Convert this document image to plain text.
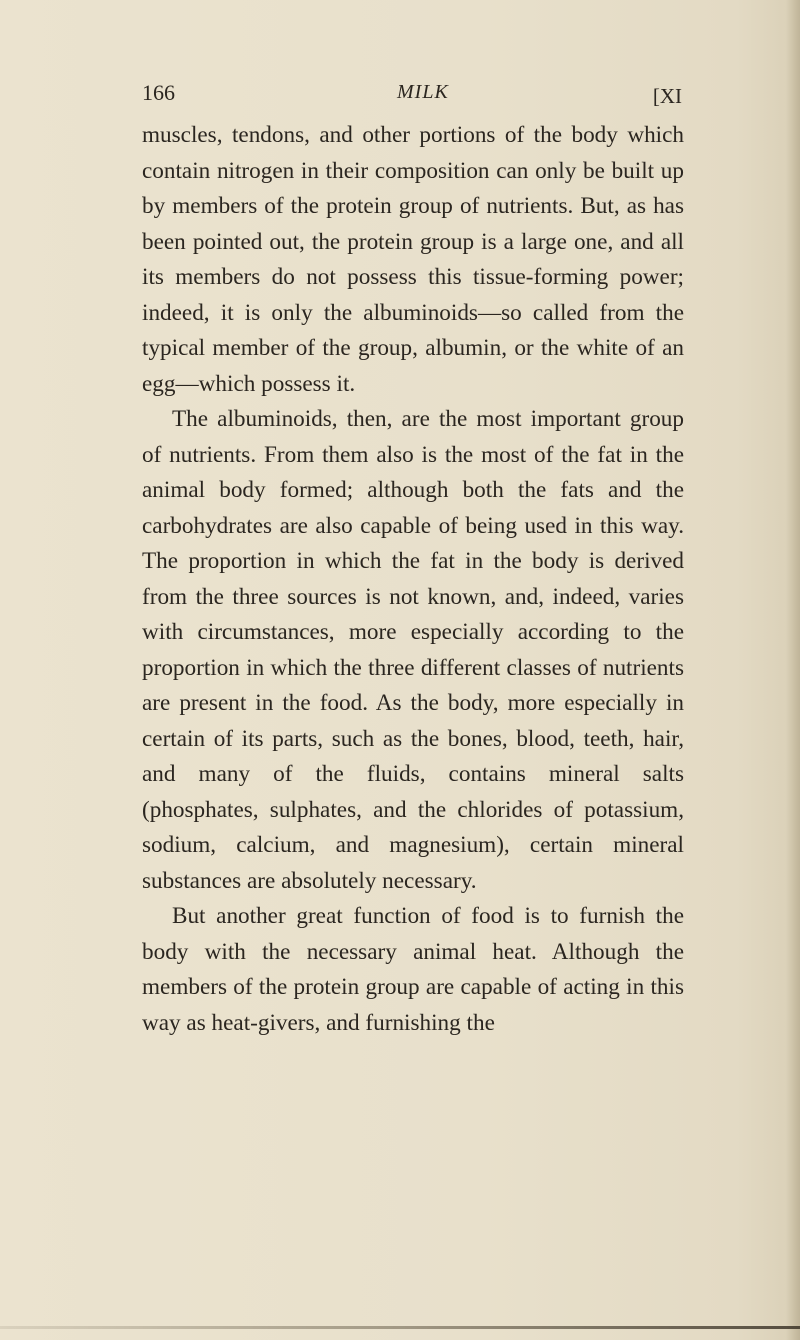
166	MILK	[XI

muscles, tendons, and other portions of the body which contain nitrogen in their composition can only be built up by members of the protein group of nutrients. But, as has been pointed out, the protein group is a large one, and all its members do not possess this tissue-forming power; indeed, it is only the albuminoids—so called from the typical member of the group, albumin, or the white of an egg—which possess it.

The albuminoids, then, are the most important group of nutrients. From them also is the most of the fat in the animal body formed; although both the fats and the carbohydrates are also capable of being used in this way. The proportion in which the fat in the body is derived from the three sources is not known, and, indeed, varies with circumstances, more especially according to the proportion in which the three different classes of nutrients are present in the food. As the body, more especially in certain of its parts, such as the bones, blood, teeth, hair, and many of the fluids, contains mineral salts (phosphates, sulphates, and the chlorides of potassium, sodium, calcium, and magnesium), certain mineral substances are absolutely necessary.

But another great function of food is to furnish the body with the necessary animal heat. Although the members of the protein group are capable of acting in this way as heat-givers, and furnishing the
